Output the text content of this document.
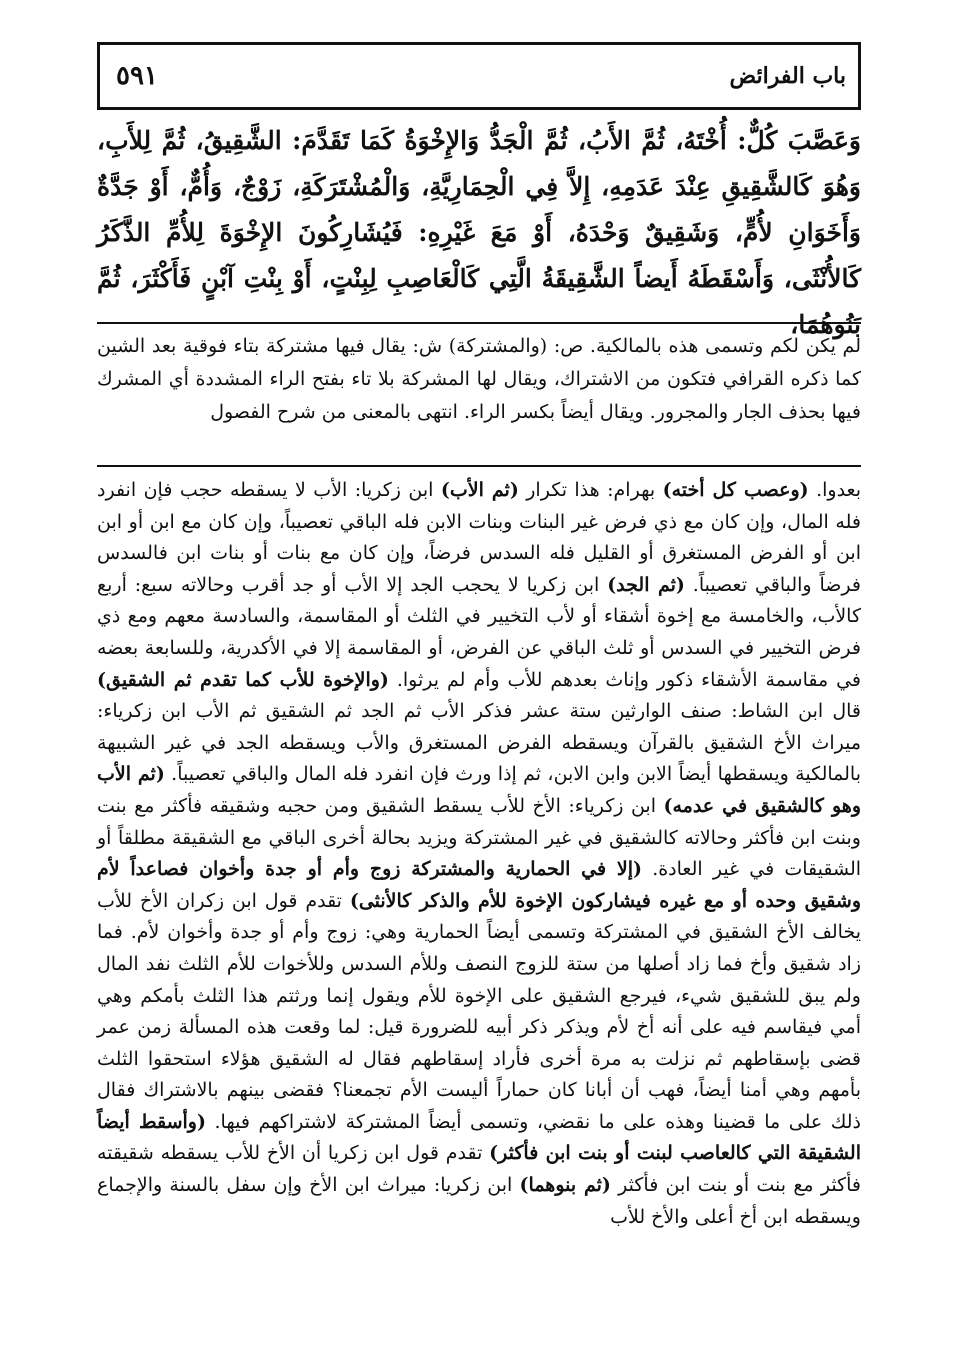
٥٩١	باب الفرائض
وَعَصَّبَ كُلٌّ: أُخْتَهُ، ثُمَّ الأَبُ، ثُمَّ الْجَدُّ وَالإِخْوَةُ كَمَا تَقَدَّمَ: الشَّقِيقُ، ثُمَّ لِلأَبِ، وَهُوَ كَالشَّقِيقِ عِنْدَ عَدَمِهِ، إِلاَّ فِي الْحِمَارِيَّةِ، وَالْمُشْتَرَكَةِ، زَوْجٌ، وَأُمٌّ، أَوْ جَدَّةٌ وَأَخَوَانِ لأُمٍّ، وَشَقِيقٌ وَحْدَهُ، أَوْ مَعَ غَيْرِهِ: فَيُشَارِكُونَ الإِخْوَةَ لِلأُمِّ الذَّكَرُ كَالأُنْثَى، وَأَسْقَطَهُ أَيضاً الشَّقِيقَةُ الَّتِي كَالْعَاصِبِ لِبِنْتٍ، أَوْ بِنْتِ آبْنٍ فَأَكْثَرَ، ثُمَّ بَنُوهُمَا،
لم يكن لكم وتسمى هذه بالمالكية. ص: (والمشتركة) ش: يقال فيها مشتركة بتاء فوقية بعد الشين كما ذكره القرافي فتكون من الاشتراك، ويقال لها المشركة بلا تاء بفتح الراء المشددة أي المشرك فيها بحذف الجار والمجرور. ويقال أيضاً بكسر الراء. انتهى بالمعنى من شرح الفصول
بعدوا. (وعصب كل أخته) بهرام: هذا تكرار (ثم الأب) ابن زكريا: الأب لا يسقطه حجب فإن انفرد فله المال، وإن كان مع ذي فرض غير البنات وبنات الابن فله الباقي تعصيباً، وإن كان مع ابن أو ابن ابن أو الفرض المستغرق أو القليل فله السدس فرضاً، وإن كان مع بنات أو بنات ابن فالسدس فرضاً والباقي تعصيباً. (ثم الجد) ابن زكريا لا يحجب الجد إلا الأب أو جد أقرب وحالاته سبع: أربع كالأب، والخامسة مع إخوة أشقاء أو لأب التخيير في الثلث أو المقاسمة، والسادسة معهم ومع ذي فرض التخيير في السدس أو ثلث الباقي عن الفرض، أو المقاسمة إلا في الأكدرية، وللسابعة بعضه في مقاسمة الأشقاء ذكور وإناث بعدهم للأب وأم لم يرثوا. (والإخوة للأب كما تقدم ثم الشقيق) قال ابن الشاط: صنف الوارثين ستة عشر فذكر الأب ثم الجد ثم الشقيق ثم الأب ابن زكرياء: ميراث الأخ الشقيق بالقرآن ويسقطه الفرض المستغرق والأب ويسقطه الجد في غير الشبيهة بالمالكية ويسقطها أيضاً الابن وابن الابن، ثم إذا ورث فإن انفرد فله المال والباقي تعصيباً. (ثم الأب وهو كالشقيق في عدمه) ابن زكرياء: الأخ للأب يسقط الشقيق ومن حجبه وشقيقه فأكثر مع بنت وبنت ابن فأكثر وحالاته كالشقيق في غير المشتركة ويزيد بحالة أخرى الباقي مع الشقيقة مطلقاً أو الشقيقات في غير العادة. (إلا في الحمارية والمشتركة زوج وأم أو جدة وأخوان فصاعداً لأم وشقيق وحده أو مع غيره فيشاركون الإخوة للأم والذكر كالأنثى) تقدم قول ابن زكران الأخ للأب يخالف الأخ الشقيق في المشتركة وتسمى أيضاً الحمارية وهي: زوج وأم أو جدة وأخوان لأم. فما زاد شقيق وأخ فما زاد أصلها من ستة للزوج النصف وللأم السدس وللأخوات للأم الثلث نفد المال ولم يبق للشقيق شيء، فيرجع الشقيق على الإخوة للأم ويقول إنما ورثتم هذا الثلث بأمكم وهي أمي فيقاسم فيه على أنه أخ لأم ويذكر ذكر أبيه للضرورة قيل: لما وقعت هذه المسألة زمن عمر قضى بإسقاطهم ثم نزلت به مرة أخرى فأراد إسقاطهم فقال له الشقيق هؤلاء استحقوا الثلث بأمهم وهي أمنا أيضاً، فهب أن أبانا كان حماراً أليست الأم تجمعنا؟ فقضى بينهم بالاشتراك فقال ذلك على ما قضينا وهذه على ما نقضي، وتسمى أيضاً المشتركة لاشتراكهم فيها. (وأسقط أيضاً الشقيقة التي كالعاصب لبنت أو بنت ابن فأكثر) تقدم قول ابن زكريا أن الأخ للأب يسقطه شقيقته فأكثر مع بنت أو بنت ابن فأكثر (ثم بنوهما) ابن زكريا: ميراث ابن الأخ وإن سفل بالسنة والإجماع ويسقطه ابن أخ أعلى والأخ للأب
